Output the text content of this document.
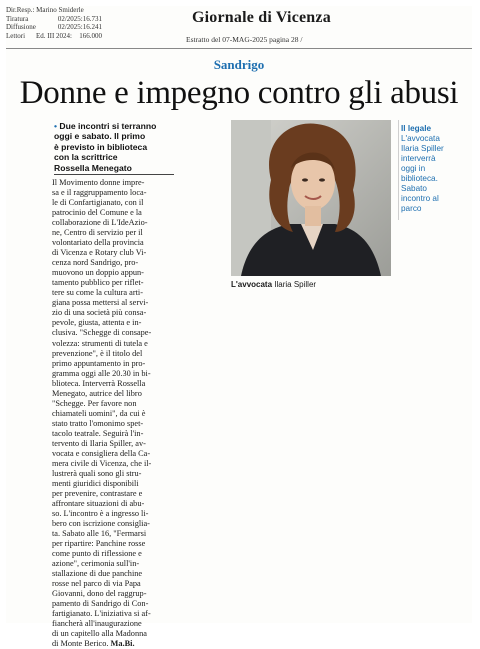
Dir.Resp.: Marino Smiderle
Tiratura	02/2025: 16.731
Diffusione	02/2025: 16.241
Lettori	Ed. III 2024:	166.000
Giornale di Vicenza
Estratto del 07-MAG-2025 pagina 28 /
Sandrigo
Donne e impegno contro gli abusi
• Due incontri si terranno
oggi e sabato. Il primo
è previsto in biblioteca
con la scrittrice
Rossella Menegato
Il Movimento donne impre-
sa e il raggruppamento loca-
le di Confartigianato, con il
patrocinio del Comune e la
collaborazione di L'IdeAzio-
ne, Centro di servizio per il
volontariato della provincia
di Vicenza e Rotary club Vi-
cenza nord Sandrigo, pro-
muovono un doppio appun-
tamento pubblico per riflet-
tere su come la cultura arti-
giana possa mettersi al servi-
zio di una società più consa-
pevole, giusta, attenta e in-
clusiva. "Schegge di consape-
volezza: strumenti di tutela e
prevenzione", è il titolo del
primo appuntamento in pro-
gramma oggi alle 20.30 in bi-
blioteca. Interverrà Rossella
Menegato, autrice del libro
"Schegge. Per favore non
chiamateli uomini", da cui è
stato tratto l'omonimo spet-
tacolo teatrale. Seguirà l'in-
tervento di Ilaria Spiller, av-
vocata e consigliera della Ca-
mera civile di Vicenza, che il-
lustrerà quali sono gli stru-
menti giuridici disponibili
per prevenire, contrastare e
affrontare situazioni di abu-
so. L'incontro è a ingresso li-
bero con iscrizione consiglia-
ta. Sabato alle 16, "Fermarsi
per ripartire: Panchine rosse
come punto di riflessione e
azione", cerimonia sull'in-
stallazione di due panchine
rosse nel parco di via Papa
Giovanni, dono del raggrup-
pamento di Sandrigo di Con-
fartigianato. L'iniziativa si af-
fiancherà all'inaugurazione
di un capitello alla Madonna
di Monte Berico. Ma.Bi.
L'avvocata Ilaria Spiller
Il legale
L'avvocata
Ilaria Spiller
interverrà
oggi in
biblioteca.
Sabato
incontro al
parco
